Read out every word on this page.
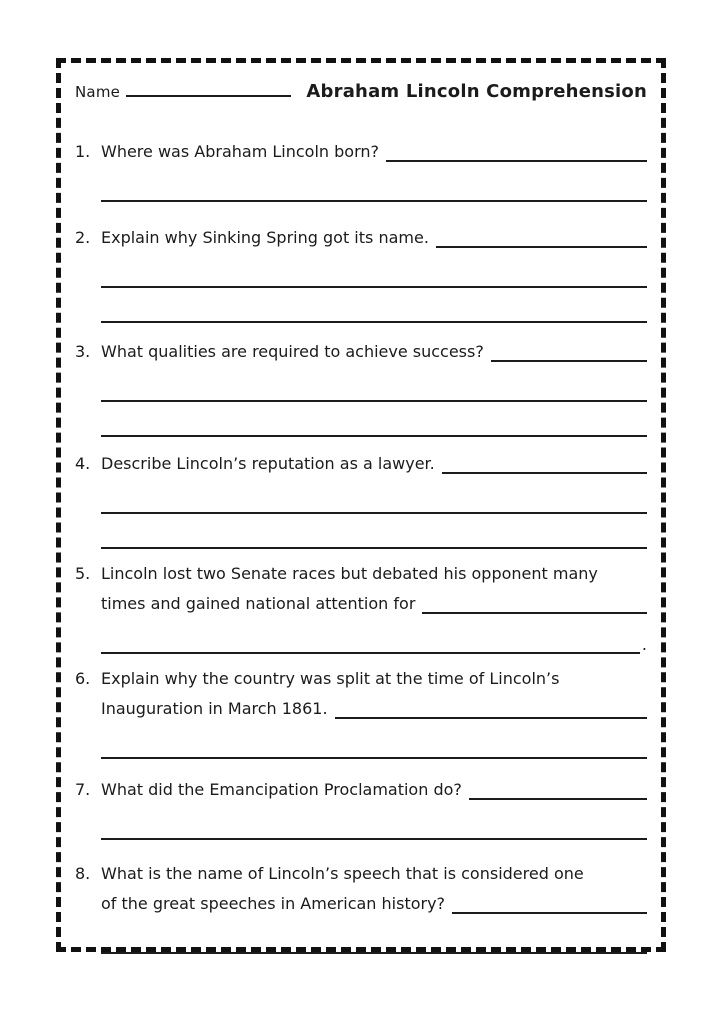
Name	Abraham Lincoln Comprehension
1. Where was Abraham Lincoln born?
2. Explain why Sinking Spring got its name.
3. What qualities are required to achieve success?
4. Describe Lincoln’s reputation as a lawyer.
5. Lincoln lost two Senate races but debated his opponent many
times and gained national attention for
.
6. Explain why the country was split at the time of Lincoln’s
Inauguration in March 1861.
7. What did the Emancipation Proclamation do?
8. What is the name of Lincoln’s speech that is considered one
of the great speeches in American history?
